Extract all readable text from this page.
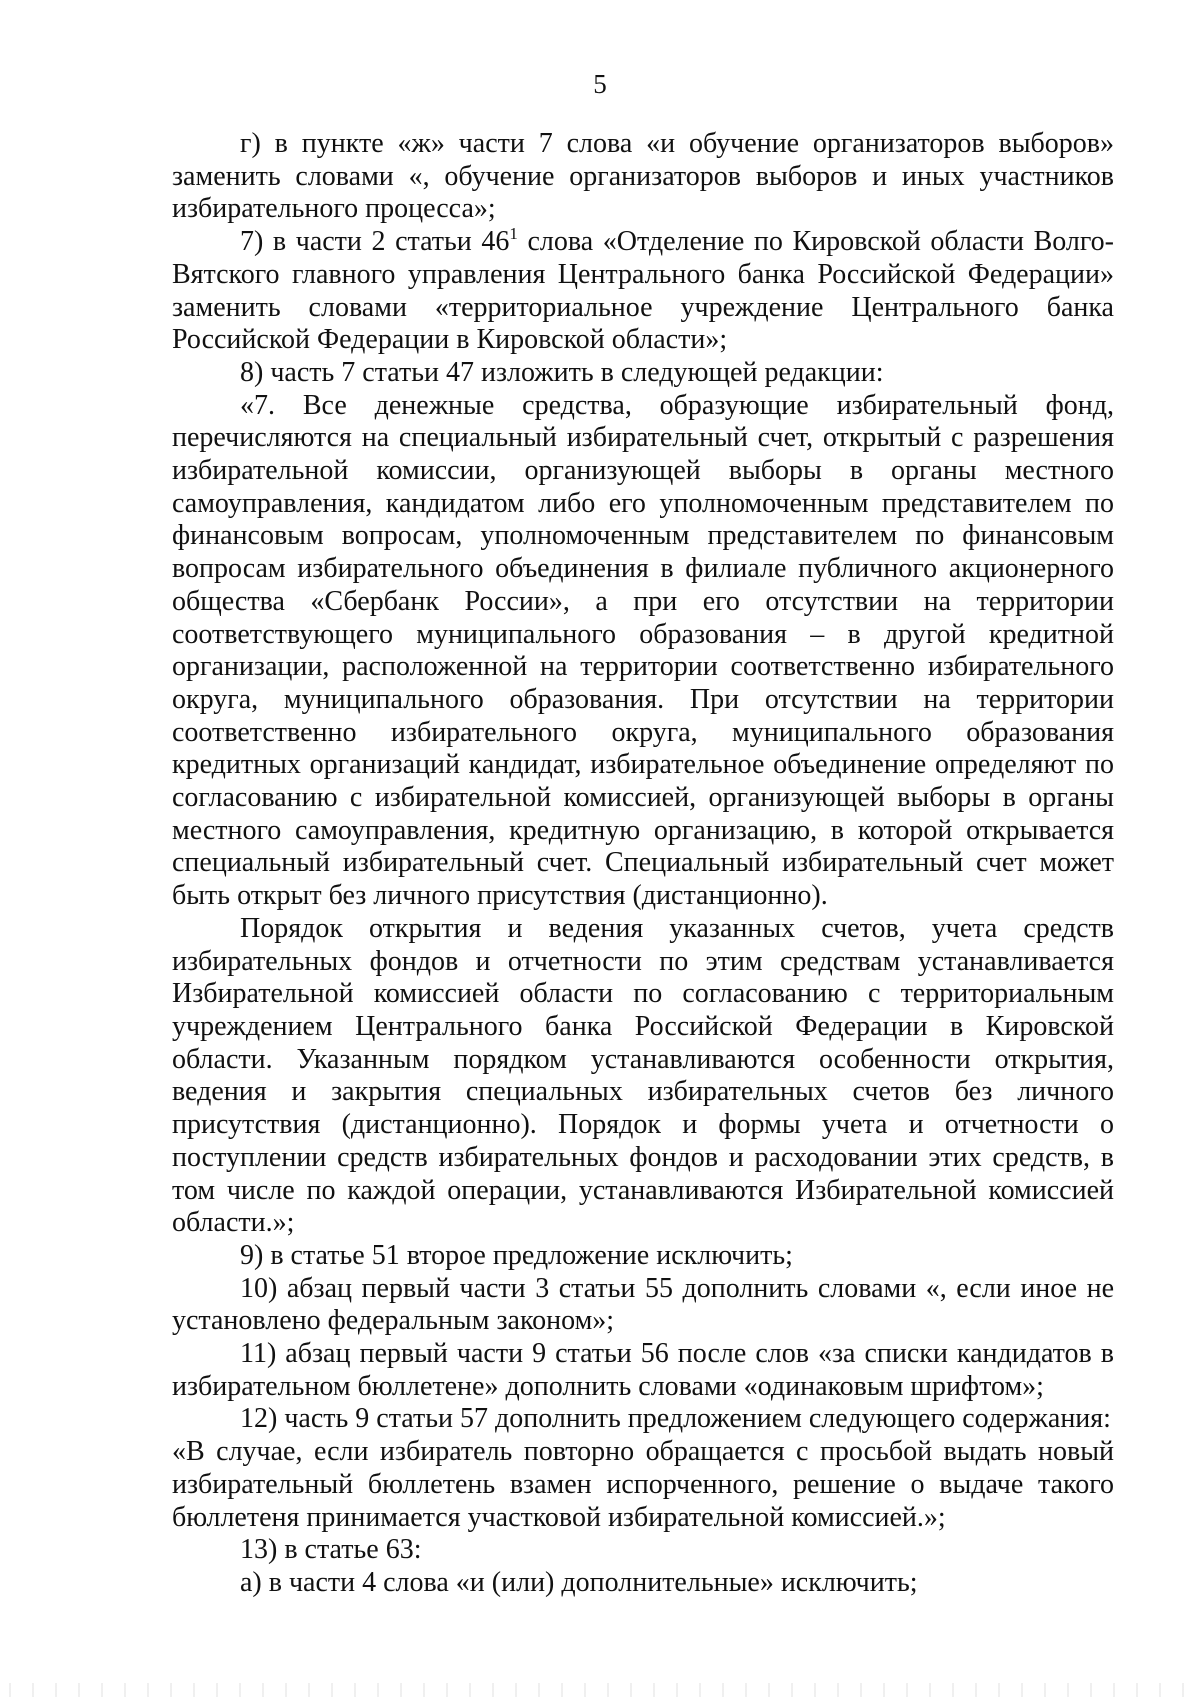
5

г) в пункте «ж» части 7 слова «и обучение организаторов выборов» заменить словами «, обучение организаторов выборов и иных участников избирательного процесса»;

7) в части 2 статьи $46^1$ слова «Отделение по Кировской области Волго-Вятского главного управления Центрального банка Российской Федерации» заменить словами «территориальное учреждение Центрального банка Российской Федерации в Кировской области»;

8) часть 7 статьи 47 изложить в следующей редакции:

«7. Все денежные средства, образующие избирательный фонд, перечисляются на специальный избирательный счет, открытый с разрешения избирательной комиссии, организующей выборы в органы местного самоуправления, кандидатом либо его уполномоченным представителем по финансовым вопросам, уполномоченным представителем по финансовым вопросам избирательного объединения в филиале публичного акционерного общества «Сбербанк России», а при его отсутствии на территории соответствующего муниципального образования – в другой кредитной организации, расположенной на территории соответственно избирательного округа, муниципального образования. При отсутствии на территории соответственно избирательного округа, муниципального образования кредитных организаций кандидат, избирательное объединение определяют по согласованию с избирательной комиссией, организующей выборы в органы местного самоуправления, кредитную организацию, в которой открывается специальный избирательный счет. Специальный избирательный счет может быть открыт без личного присутствия (дистанционно).

Порядок открытия и ведения указанных счетов, учета средств избирательных фондов и отчетности по этим средствам устанавливается Избирательной комиссией области по согласованию с территориальным учреждением Центрального банка Российской Федерации в Кировской области. Указанным порядком устанавливаются особенности открытия, ведения и закрытия специальных избирательных счетов без личного присутствия (дистанционно). Порядок и формы учета и отчетности о поступлении средств избирательных фондов и расходовании этих средств, в том числе по каждой операции, устанавливаются Избирательной комиссией области.»;

9) в статье 51 второе предложение исключить;

10) абзац первый части 3 статьи 55 дополнить словами «, если иное не установлено федеральным законом»;

11) абзац первый части 9 статьи 56 после слов «за списки кандидатов в избирательном бюллетене» дополнить словами «одинаковым шрифтом»;

12) часть 9 статьи 57 дополнить предложением следующего содержания:

«В случае, если избиратель повторно обращается с просьбой выдать новый избирательный бюллетень взамен испорченного, решение о выдаче такого бюллетеня принимается участковой избирательной комиссией.»;

13) в статье 63:

а) в части 4 слова «и (или) дополнительные» исключить;
